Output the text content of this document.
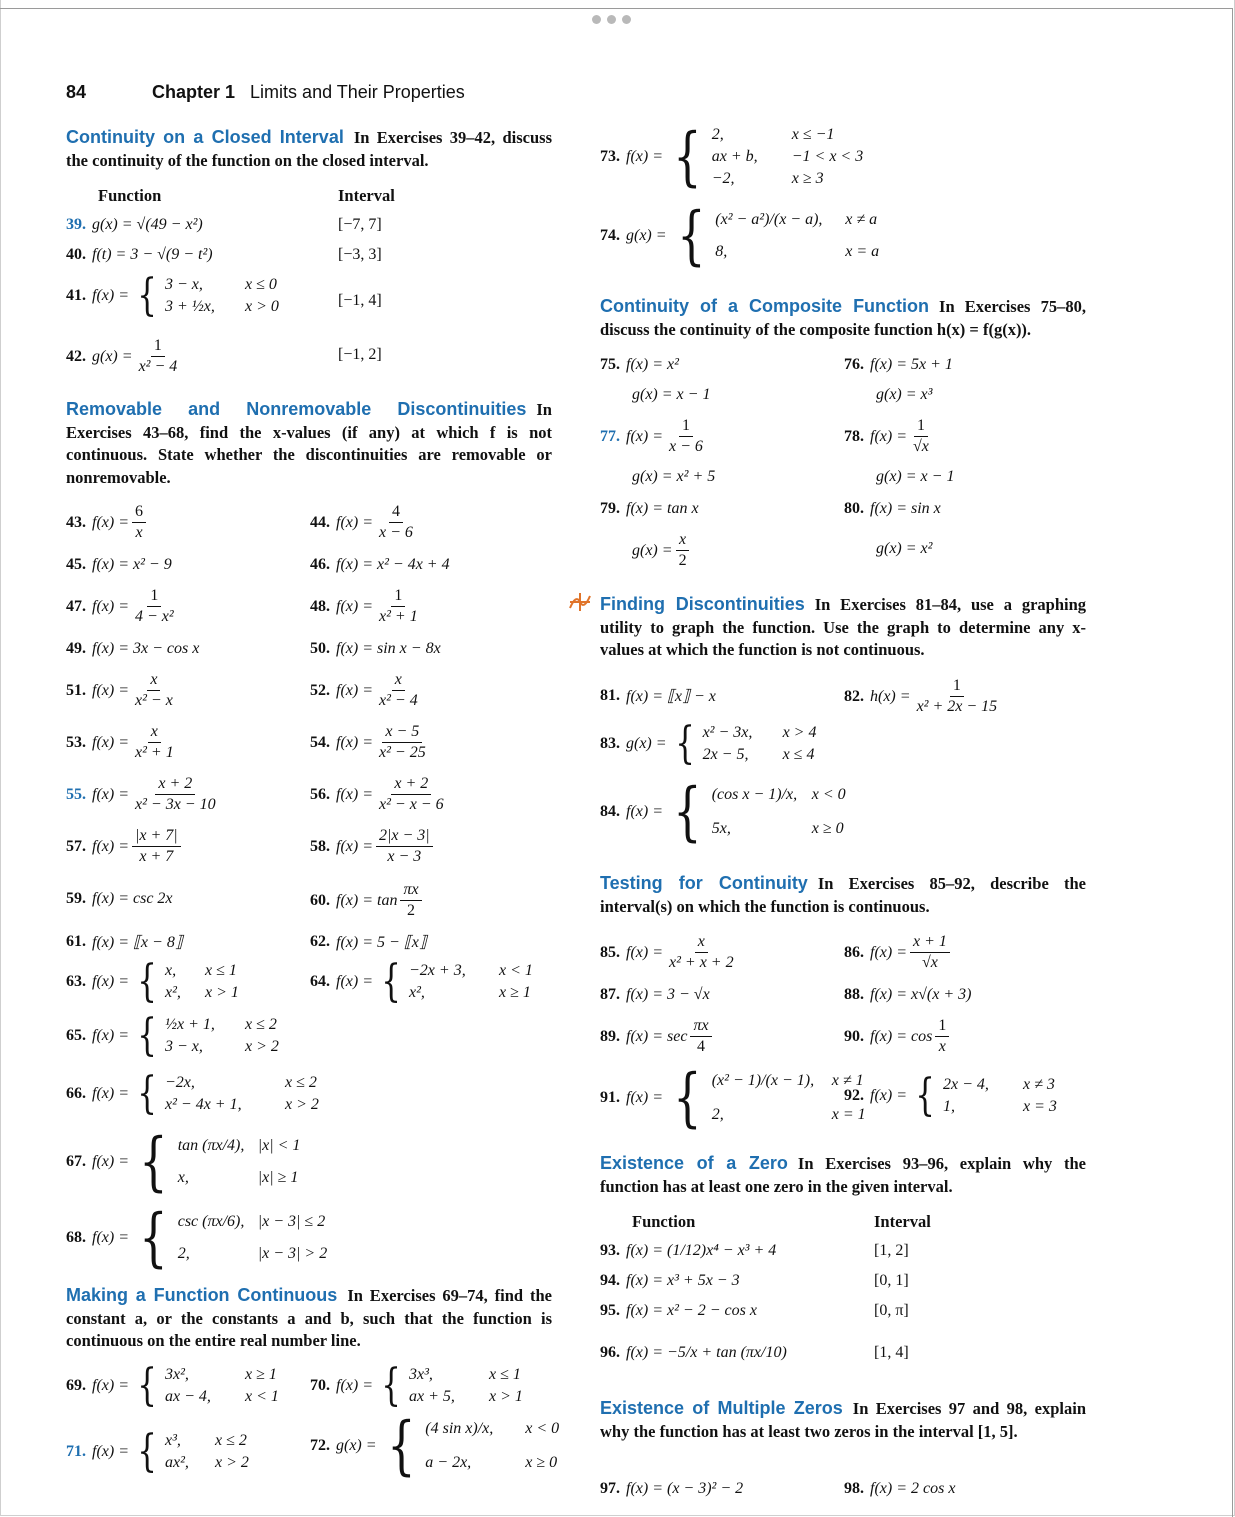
84	Chapter 1 Limits and Their Properties
Continuity on a Closed Interval In Exercises 39–42, discuss the continuity of the function on the closed interval.
Function	Interval
39. g(x) = √(49 − x²)	[−7, 7]
40. f(t) = 3 − √(9 − t²)	[−3, 3]
41. f(x) = { 3 − x,	x ≤ 0
3 + ½x,	x > 0	[−1, 4]
42. $g(x) = \frac{1}{\text{x² − 4}}$	[−1, 2]
Removable and Nonremovable Discontinuities In Exercises 43–68, find the x-values (if any) at which f is not continuous. State whether the discontinuities are removable or nonremovable.
43. $f(x) = \frac{6}{x}$	44. $f(x) = \frac{4}{x - 6}$
45. f(x) = x² − 9	46. f(x) = x² − 4x + 4
47. $f(x) = \frac{1}{\text{4 − x²}}$	48. $f(x) = \frac{1}{\text{x² + 1}}$
49. f(x) = 3x − cos x	50. f(x) = sin x − 8x
51. $f(x) = \frac{x}{\text{x² − x}}$	52. $f(x) = \frac{x}{\text{x² − 4}}$
53. $f(x) = \frac{x}{\text{x² + 1}}$	54. $f(x) = \frac{x - 5}{\text{x² − 25}}$
55. $f(x) = \frac{x + 2}{\text{x² − 3x − 10}}$	56. $f(x) = \frac{x + 2}{\text{x² − x − 6}}$
57. $f(x) = \frac{|x + 7|}{x + 7}$	58. $f(x) = \frac{2|x - 3|}{x - 3}$
59. f(x) = csc 2x	60. $f(x) = \tan \frac{\pi x}{2}$
61. f(x) = ⟦x − 8⟧	62. f(x) = 5 − ⟦x⟧
63. f(x) = { x,	x ≤ 1
x²,	x > 1
64. f(x) = { −2x + 3,	x < 1
x²,	x ≥ 1
65. f(x) = { ½x + 1,	x ≤ 2
3 − x,	x > 2
66. f(x) = { −2x,	x ≤ 2
x² − 4x + 1,	x > 2
67. f(x) = { tan (πx/4), |x| < 1
x,	|x| ≥ 1
68. f(x) = { csc (πx/6), |x − 3| ≤ 2
2,	|x − 3| > 2
Making a Function Continuous In Exercises 69–74, find the constant a, or the constants a and b, such that the function is continuous on the entire real number line.
69. f(x) = { 3x²,	x ≥ 1
ax − 4,	x < 1
70. f(x) = { 3x³,	x ≤ 1
ax + 5,	x > 1
71. f(x) = { x³,	x ≤ 2
ax²,	x > 2
72. g(x) = { (4 sin x)/x,	x < 0
a − 2x,	x ≥ 0
73. f(x) = { 2,	x ≤ −1
ax + b,	−1 < x < 3
−2,	x ≥ 3
74. g(x) = { (x² − a²)/(x − a),	x ≠ a
8,	x = a
Continuity of a Composite Function In Exercises 75–80, discuss the continuity of the composite function h(x) = f(g(x)).
75. f(x) = x²
g(x) = x − 1
76. f(x) = 5x + 1
g(x) = x³
77. $f(x) = \frac{1}{x - 6}$
g(x) = x² + 5
78. $f(x) = \frac{1}{√x}$
g(x) = x − 1
79. f(x) = tan x
$g(x) = \frac{x}{2}$
80. f(x) = sin x
g(x) = x²
Finding Discontinuities In Exercises 81–84, use a graphing utility to graph the function. Use the graph to determine any x-values at which the function is not continuous.
81. f(x) = ⟦x⟧ − x	82. $h(x) = \frac{1}{\text{x² + 2x − 15}}$
83. g(x) = { x² − 3x,	x > 4
2x − 5,	x ≤ 4
84. f(x) = { (cos x − 1)/x, x < 0
5x,	x ≥ 0
Testing for Continuity In Exercises 85–92, describe the interval(s) on which the function is continuous.
85. $f(x) = \frac{x}{\text{x² + x + 2}}$	86. $f(x) = \frac{x + 1}{√x}$
87. f(x) = 3 − √x	88. f(x) = x√(x + 3)
89. $f(x) = \sec \frac{\pi x}{4}$	90. $f(x) = \cos \frac{1}{x}$
91. f(x) = { (x² − 1)/(x − 1),	x ≠ 1
2,	x = 1
92. f(x) = { 2x − 4,	x ≠ 3
1,	x = 3
Existence of a Zero In Exercises 93–96, explain why the function has at least one zero in the given interval.
Function	Interval
93. f(x) = (1/12)x⁴ − x³ + 4	[1, 2]
94. f(x) = x³ + 5x − 3	[0, 1]
95. f(x) = x² − 2 − cos x	[0, π]
96. f(x) = −5/x + tan (πx/10)	[1, 4]
Existence of Multiple Zeros In Exercises 97 and 98, explain why the function has at least two zeros in the interval [1, 5].
97. f(x) = (x − 3)² − 2	98. f(x) = 2 cos x
